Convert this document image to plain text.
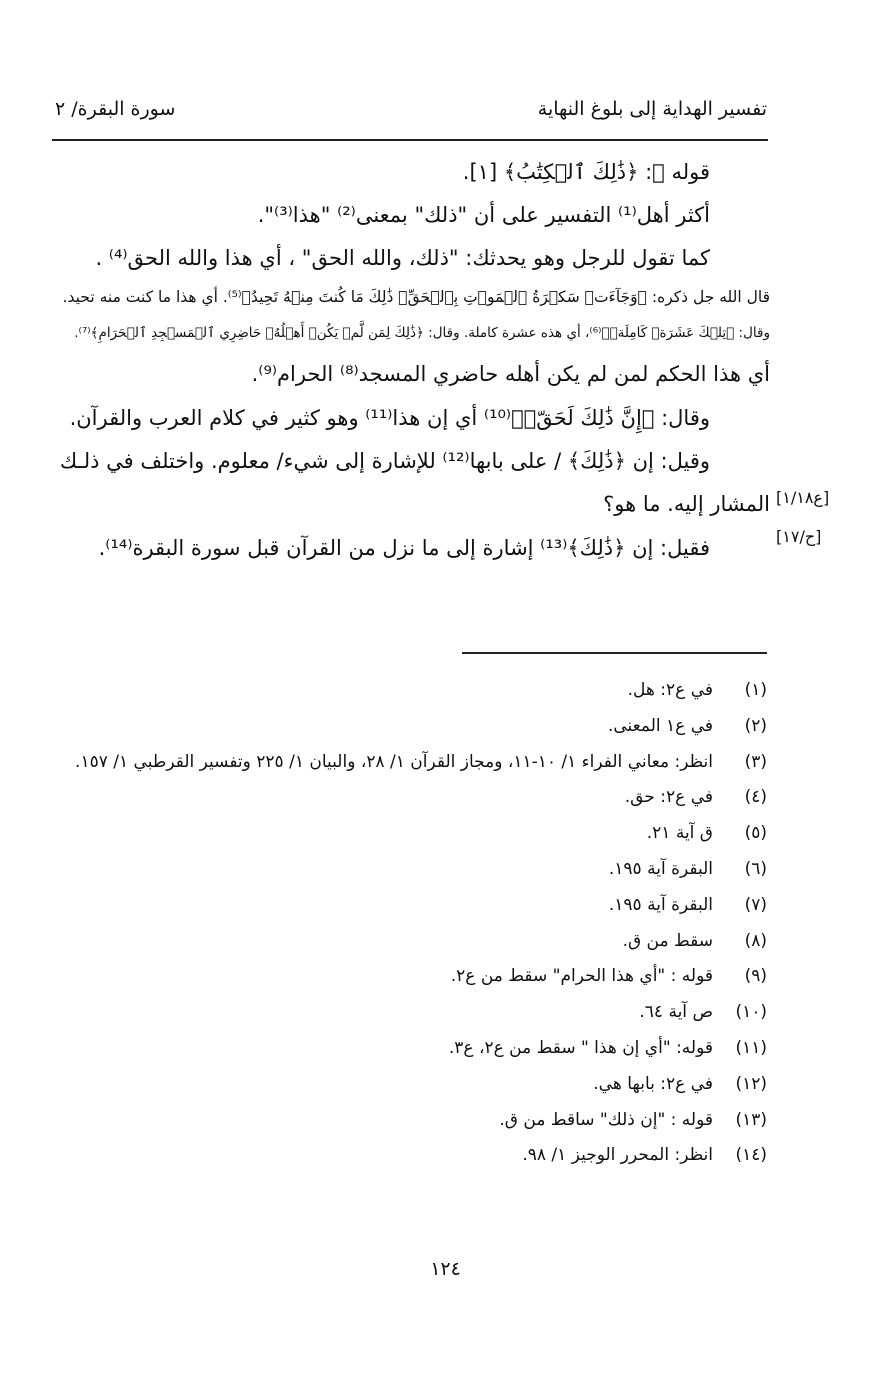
تفسير الهداية إلى بلوغ النهاية
سورة البقرة/ ٢

قوله ﷻ: ﴿ذَٰلِكَ ٱلۡكِتَٰبُ﴾ [١].

أكثر أهل⁽¹⁾ التفسير على أن "ذلك" بمعنى⁽²⁾ "هذا⁽³⁾".

كما تقول للرجل وهو يحدثك: "ذلك، والله الحق" ، أي هذا والله الحق⁽⁴⁾ .

قال الله جل ذكره: ﴿وَجَآءَتۡ سَكۡرَةُ ٱلۡمَوۡتِ بِٱلۡحَقِّۖ ذَٰلِكَ مَا كُنتَ مِنۡهُ تَحِيدُ﴾⁽⁵⁾. أي هذا ما كنت منه تحيد.

وقال: ﴿تِلۡكَ عَشَرَةٞ كَامِلَةٞ﴾⁽⁶⁾، أي هذه عشرة كاملة. وقال: ﴿ذَٰلِكَ لِمَن لَّمۡ يَكُنۡ أَهۡلُهُۥ حَاضِرِي ٱلۡمَسۡجِدِ ٱلۡحَرَامِ﴾⁽⁷⁾.

أي هذا الحكم لمن لم يكن أهله حاضري المسجد⁽⁸⁾ الحرام⁽⁹⁾.

وقال: ﴿إِنَّ ذَٰلِكَ لَحَقّٞ﴾⁽¹⁰⁾ أي إن هذا⁽¹¹⁾ وهو كثير في كلام العرب والقرآن.

وقيل: إن ﴿ذَٰلِكَ﴾ / على بابها⁽¹²⁾ للإشارة إلى شيء/ معلوم. واختلف في ذلـك

المشار إليه. ما هو؟

فقيل: إن ﴿ذَٰلِكَ﴾⁽¹³⁾ إشارة إلى ما نزل من القرآن قبل سورة البقرة⁽¹⁴⁾.

[ع١/١٨]
[ح/١٧]
(١)في ع٢: هل.
(٢)في ع١ المعنى.
(٣)انظر: معاني الفراء ١/ ١٠-١١، ومجاز القرآن ١/ ٢٨، والبيان ١/ ٢٢٥ وتفسير القرطبي ١/ ١٥٧.
(٤)في ع٢: حق.
(٥)ق آية ٢١.
(٦)البقرة آية ١٩٥.
(٧)البقرة آية ١٩٥.
(٨)سقط من ق.
(٩)قوله : "أي هذا الحرام" سقط من ع٢.
(١٠)ص آية ٦٤.
(١١)قوله: "أي إن هذا " سقط من ع٢، ع٣.
(١٢)في ع٢: بابها هي.
(١٣)قوله : "إن ذلك" ساقط من ق.
(١٤)انظر: المحرر الوجيز ١/ ٩٨.
١٢٤
